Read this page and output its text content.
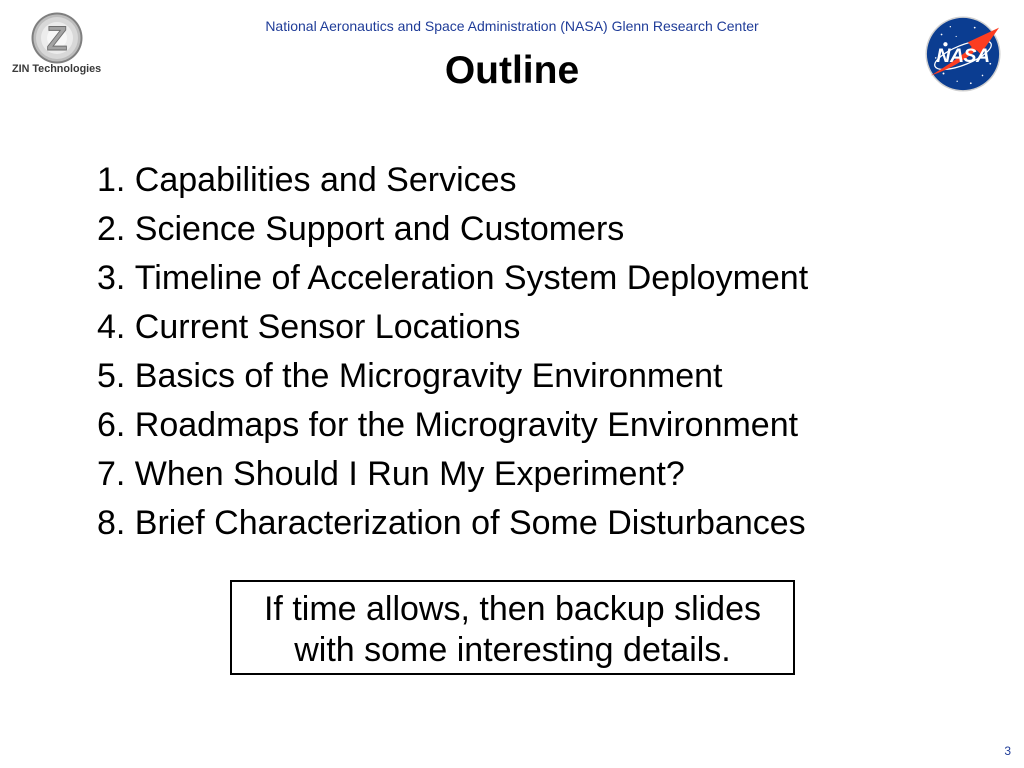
Z
ZIN Technologies
National Aeronautics and Space Administration (NASA) Glenn Research Center
Outline	NASA
1. Capabilities and Services
2. Science Support and Customers
3. Timeline of Acceleration System Deployment
4. Current Sensor Locations
5. Basics of the Microgravity Environment
6. Roadmaps for the Microgravity Environment
7. When Should I Run My Experiment?
8. Brief Characterization of Some Disturbances
If time allows, then backup slides
with some interesting details.
3
